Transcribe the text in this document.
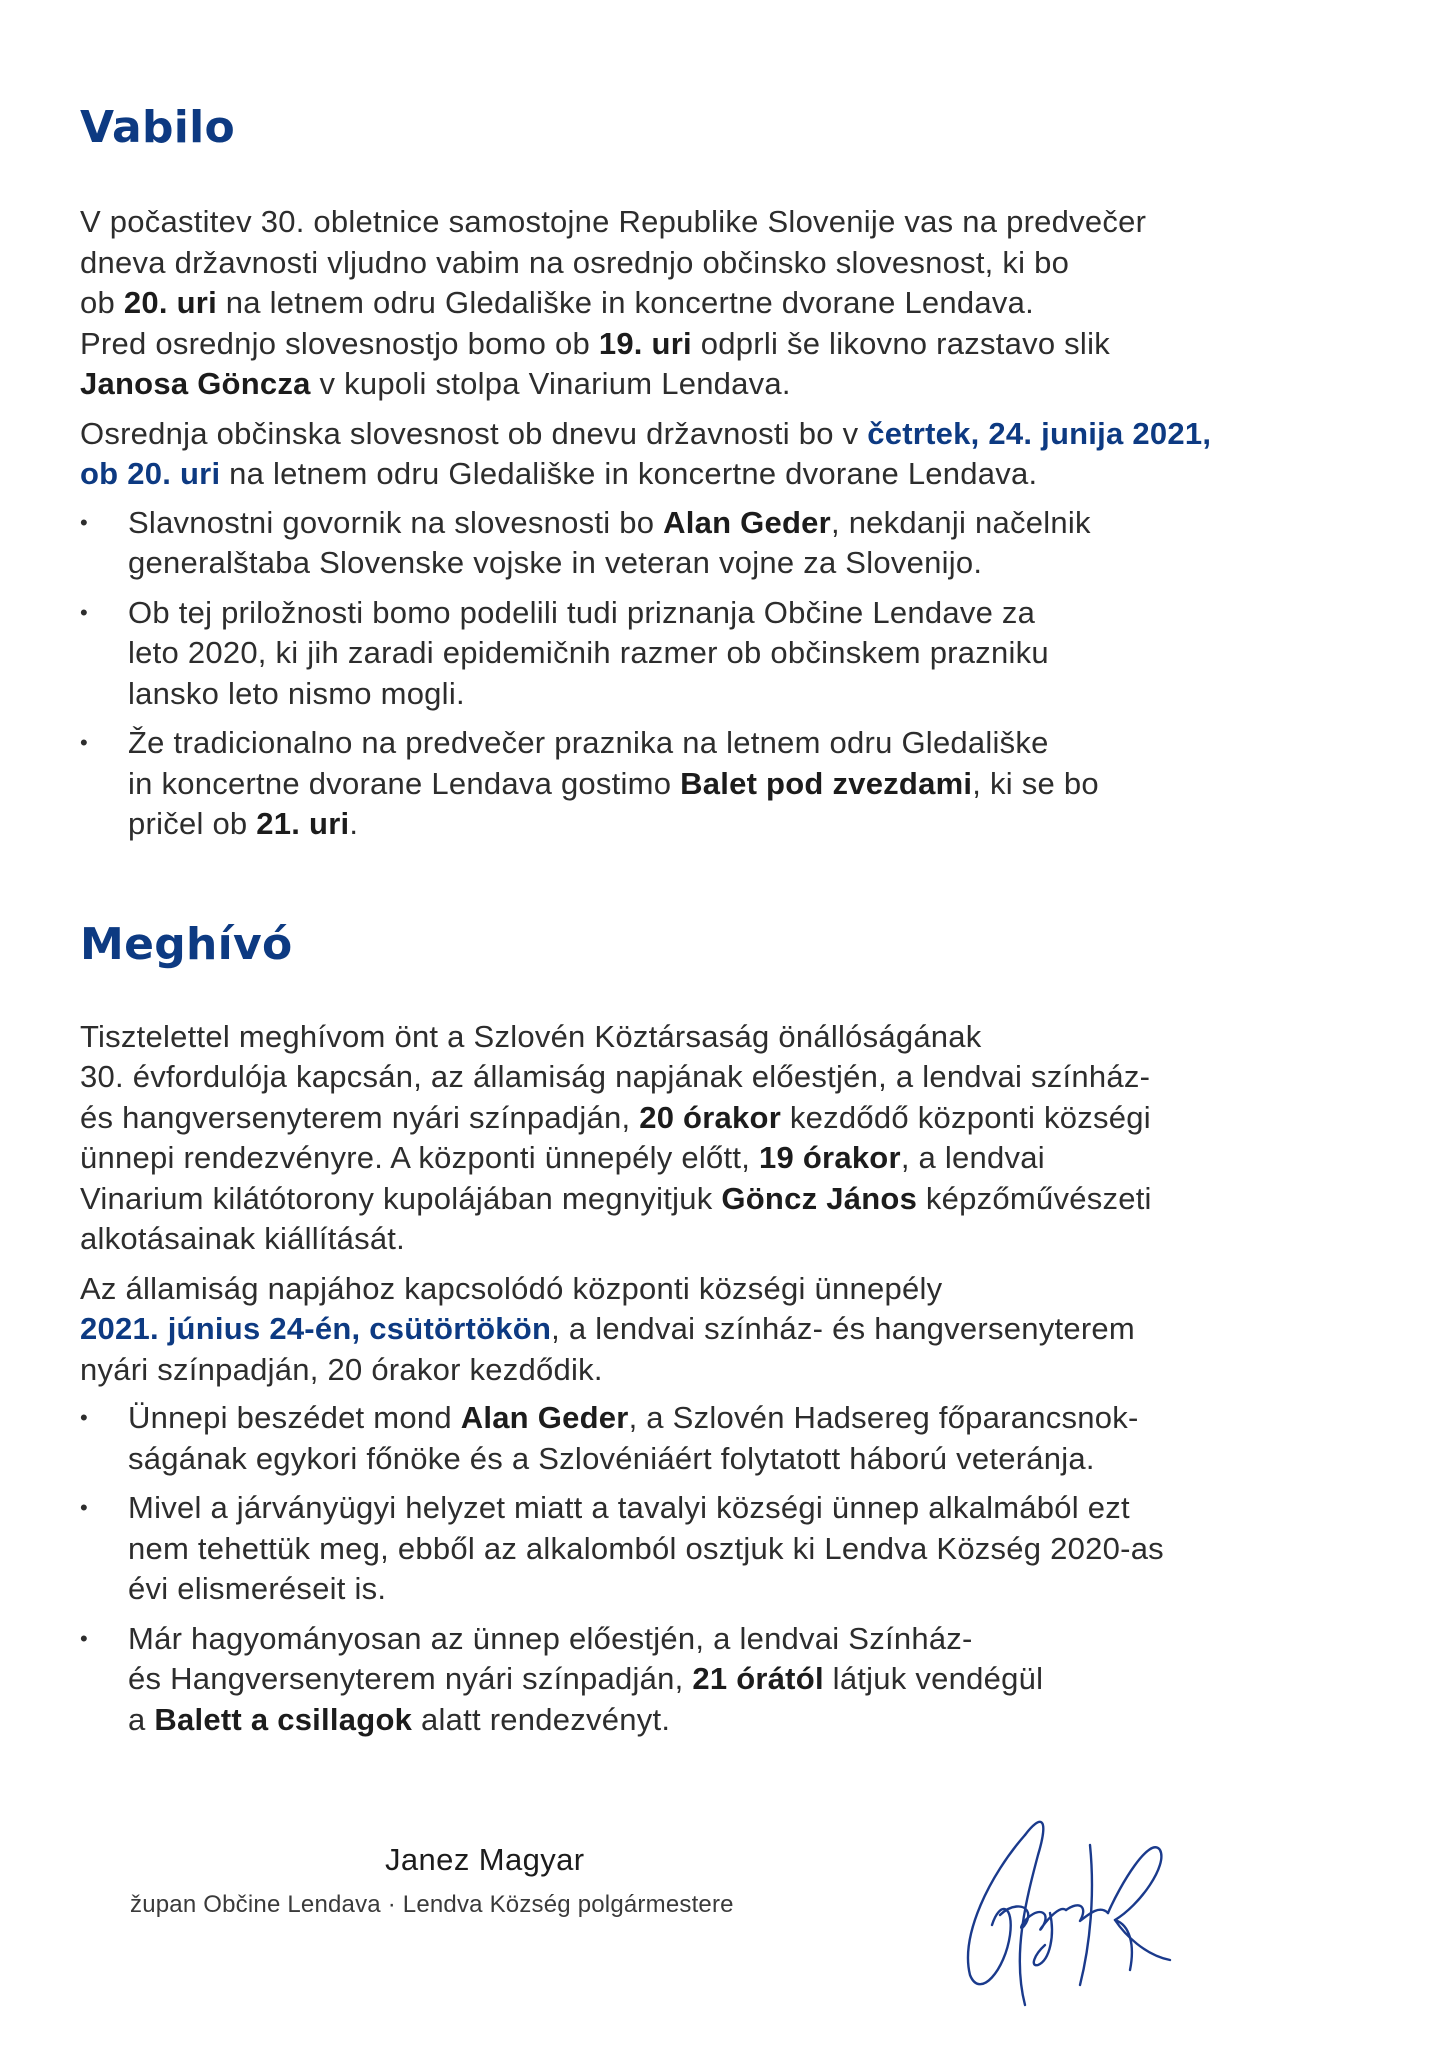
Vabilo

V počastitev 30. obletnice samostojne Republike Slovenije vas na predvečer
dneva državnosti vljudno vabim na osrednjo občinsko slovesnost, ki bo
ob 20. uri na letnem odru Gledališke in koncertne dvorane Lendava.
Pred osrednjo slovesnostjo bomo ob 19. uri odprli še likovno razstavo slik
Janosa Göncza v kupoli stolpa Vinarium Lendava.

Osrednja občinska slovesnost ob dnevu državnosti bo v četrtek, 24. junija 2021,
ob 20. uri na letnem odru Gledališke in koncertne dvorane Lendava.

• Slavnostni govornik na slovesnosti bo Alan Geder, nekdanji načelnik
generalštaba Slovenske vojske in veteran vojne za Slovenijo.
• Ob tej priložnosti bomo podelili tudi priznanja Občine Lendave za
leto 2020, ki jih zaradi epidemičnih razmer ob občinskem prazniku
lansko leto nismo mogli.
• Že tradicionalno na predvečer praznika na letnem odru Gledališke
in koncertne dvorane Lendava gostimo Balet pod zvezdami, ki se bo
pričel ob 21. uri.
Meghívó

Tisztelettel meghívom önt a Szlovén Köztársaság önállóságának
30. évfordulója kapcsán, az államiság napjának előestjén, a lendvai színház-
és hangversenyterem nyári színpadján, 20 órakor kezdődő központi községi
ünnepi rendezvényre. A központi ünnepély előtt, 19 órakor, a lendvai
Vinarium kilátótorony kupolájában megnyitjuk Göncz János képzőművészeti
alkotásainak kiállítását.

Az államiság napjához kapcsolódó központi községi ünnepély
2021. június 24-én, csütörtökön, a lendvai színház- és hangversenyterem
nyári színpadján, 20 órakor kezdődik.

• Ünnepi beszédet mond Alan Geder, a Szlovén Hadsereg főparancsnok-
ságának egykori főnöke és a Szlovéniáért folytatott háború veteránja.
• Mivel a járványügyi helyzet miatt a tavalyi községi ünnep alkalmából ezt
nem tehettük meg, ebből az alkalomból osztjuk ki Lendva Község 2020-as
évi elismeréseit is.
• Már hagyományosan az ünnep előestjén, a lendvai Színház-
és Hangversenyterem nyári színpadján, 21 órától látjuk vendégül
a Balett a csillagok alatt rendezvényt.
Janez Magyar
župan Občine Lendava · Lendva Község polgármestere
